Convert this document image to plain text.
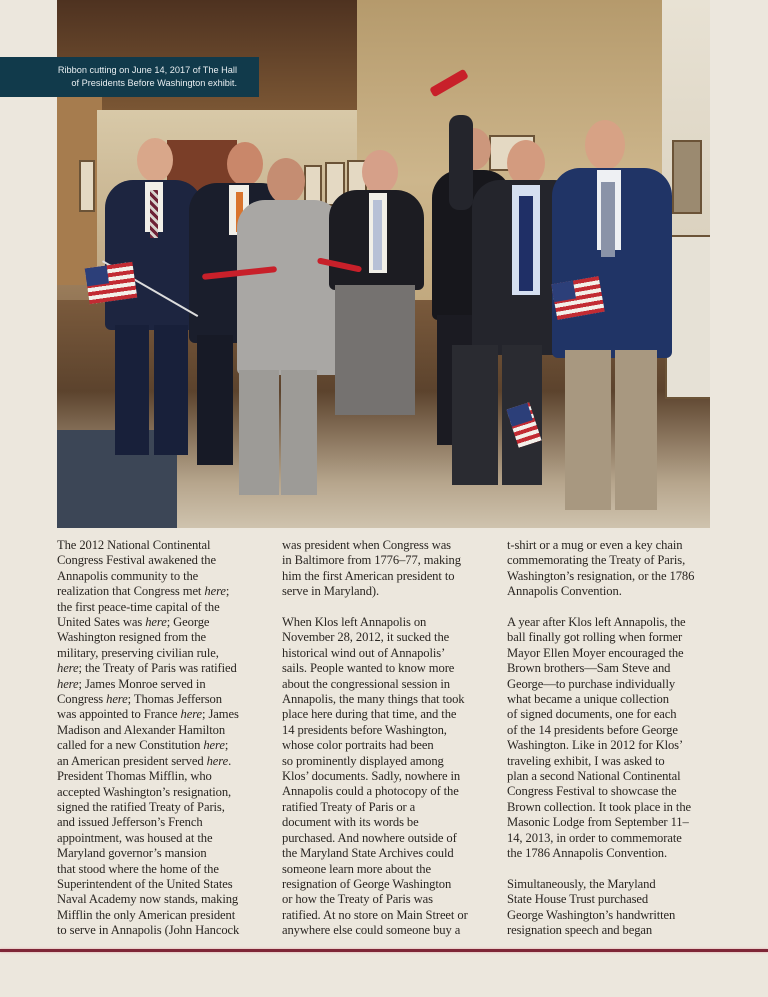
Ribbon cutting on June 14, 2017 of The Hall
of Presidents Before Washington exhibit.

The 2012 National Continental
Congress Festival awakened the
Annapolis community to the
realization that Congress met here;
the first peace-time capital of the
United Sates was here; George
Washington resigned from the
military, preserving civilian rule,
here; the Treaty of Paris was ratified
here; James Monroe served in
Congress here; Thomas Jefferson
was appointed to France here; James
Madison and Alexander Hamilton
called for a new Constitution here;
an American president served here.
President Thomas Mifflin, who
accepted Washington’s resignation,
signed the ratified Treaty of Paris,
and issued Jefferson’s French
appointment, was housed at the
Maryland governor’s mansion
that stood where the home of the
Superintendent of the United States
Naval Academy now stands, making
Mifflin the only American president
to serve in Annapolis (John Hancock

was president when Congress was
in Baltimore from 1776–77, making
him the first American president to
serve in Maryland).

When Klos left Annapolis on
November 28, 2012, it sucked the
historical wind out of Annapolis’
sails. People wanted to know more
about the congressional session in
Annapolis, the many things that took
place here during that time, and the
14 presidents before Washington,
whose color portraits had been
so prominently displayed among
Klos’ documents. Sadly, nowhere in
Annapolis could a photocopy of the
ratified Treaty of Paris or a
document with its words be
purchased. And nowhere outside of
the Maryland State Archives could
someone learn more about the
resignation of George Washington
or how the Treaty of Paris was
ratified. At no store on Main Street or
anywhere else could someone buy a

t-shirt or a mug or even a key chain
commemorating the Treaty of Paris,
Washington’s resignation, or the 1786
Annapolis Convention.

A year after Klos left Annapolis, the
ball finally got rolling when former
Mayor Ellen Moyer encouraged the
Brown brothers—Sam Steve and
George—to purchase individually
what became a unique collection
of signed documents, one for each
of the 14 presidents before George
Washington. Like in 2012 for Klos’
traveling exhibit, I was asked to
plan a second National Continental
Congress Festival to showcase the
Brown collection. It took place in the
Masonic Lodge from September 11–
14, 2013, in order to commemorate
the 1786 Annapolis Convention.

Simultaneously, the Maryland
State House Trust purchased
George Washington’s handwritten
resignation speech and began
